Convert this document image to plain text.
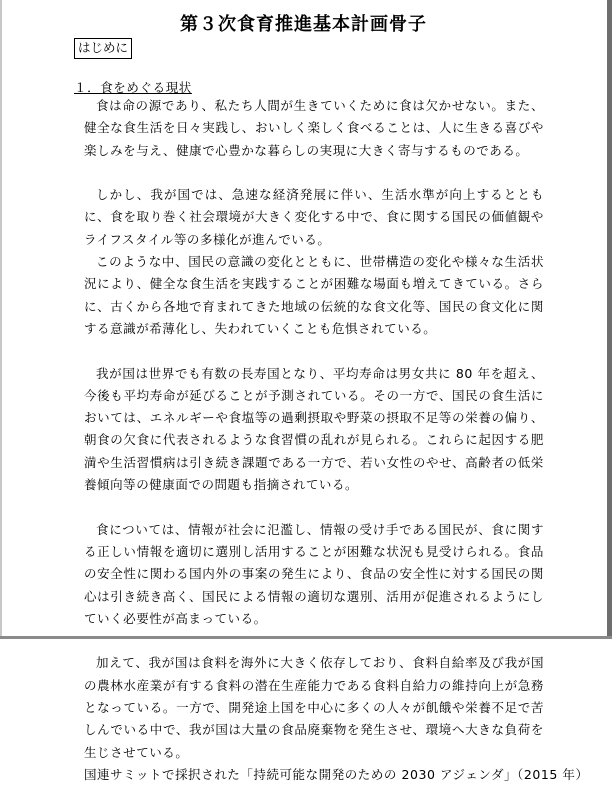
第３次食育推進基本計画骨子
はじめに
１．食をめぐる現状

食は命の源であり、私たち人間が生きていくために食は欠かせない。また、健全な食生活を日々実践し、おいしく楽しく食べることは、人に生きる喜びや楽しみを与え、健康で心豊かな暮らしの実現に大きく寄与するものである。

しかし、我が国では、急速な経済発展に伴い、生活水準が向上するとともに、食を取り巻く社会環境が大きく変化する中で、食に関する国民の価値観やライフスタイル等の多様化が進んでいる。

このような中、国民の意識の変化とともに、世帯構造の変化や様々な生活状況により、健全な食生活を実践することが困難な場面も増えてきている。さらに、古くから各地で育まれてきた地域の伝統的な食文化等、国民の食文化に関する意識が希薄化し、失われていくことも危惧されている。

我が国は世界でも有数の長寿国となり、平均寿命は男女共に 80 年を超え、今後も平均寿命が延びることが予測されている。その一方で、国民の食生活においては、エネルギーや食塩等の過剰摂取や野菜の摂取不足等の栄養の偏り、朝食の欠食に代表されるような食習慣の乱れが見られる。これらに起因する肥満や生活習慣病は引き続き課題である一方で、若い女性のやせ、高齢者の低栄養傾向等の健康面での問題も指摘されている。

食については、情報が社会に氾濫し、情報の受け手である国民が、食に関する正しい情報を適切に選別し活用することが困難な状況も見受けられる。食品の安全性に関わる国内外の事案の発生により、食品の安全性に対する国民の関心は引き続き高く、国民による情報の適切な選別、活用が促進されるようにしていく必要性が高まっている。

加えて、我が国は食料を海外に大きく依存しており、食料自給率及び我が国の農林水産業が有する食料の潜在生産能力である食料自給力の維持向上が急務となっている。一方で、開発途上国を中心に多くの人々が飢餓や栄養不足で苦しんでいる中で、我が国は大量の食品廃棄物を発生させ、環境へ大きな負荷を生じさせている。

国連サミットで採択された「持続可能な開発のための 2030 アジェンダ」（2015 年）
